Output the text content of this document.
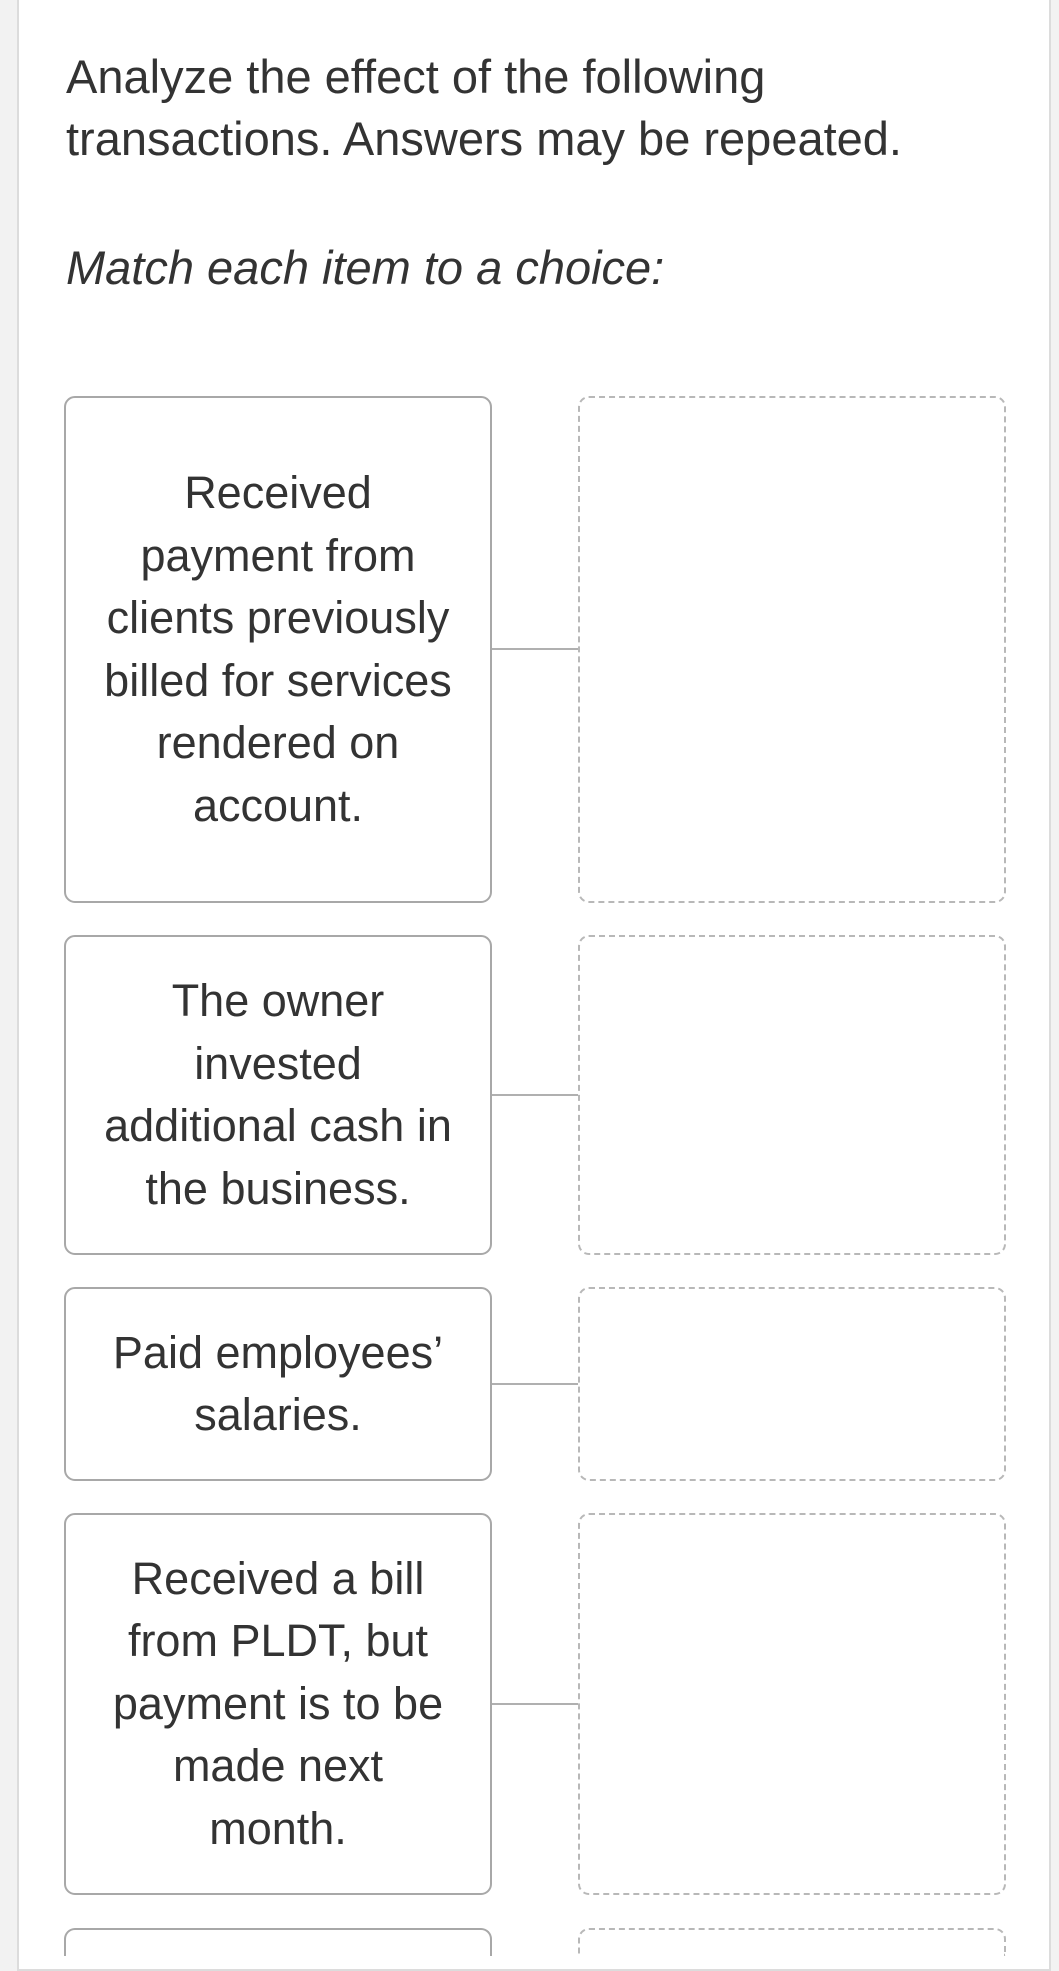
Analyze the effect of the following transactions. Answers may be repeated.

Match each item to a choice:

Received payment from clients previously billed for services rendered on account.
The owner invested additional cash in the business.
Paid employees’ salaries.
Received a bill from PLDT, but payment is to be made next month.
